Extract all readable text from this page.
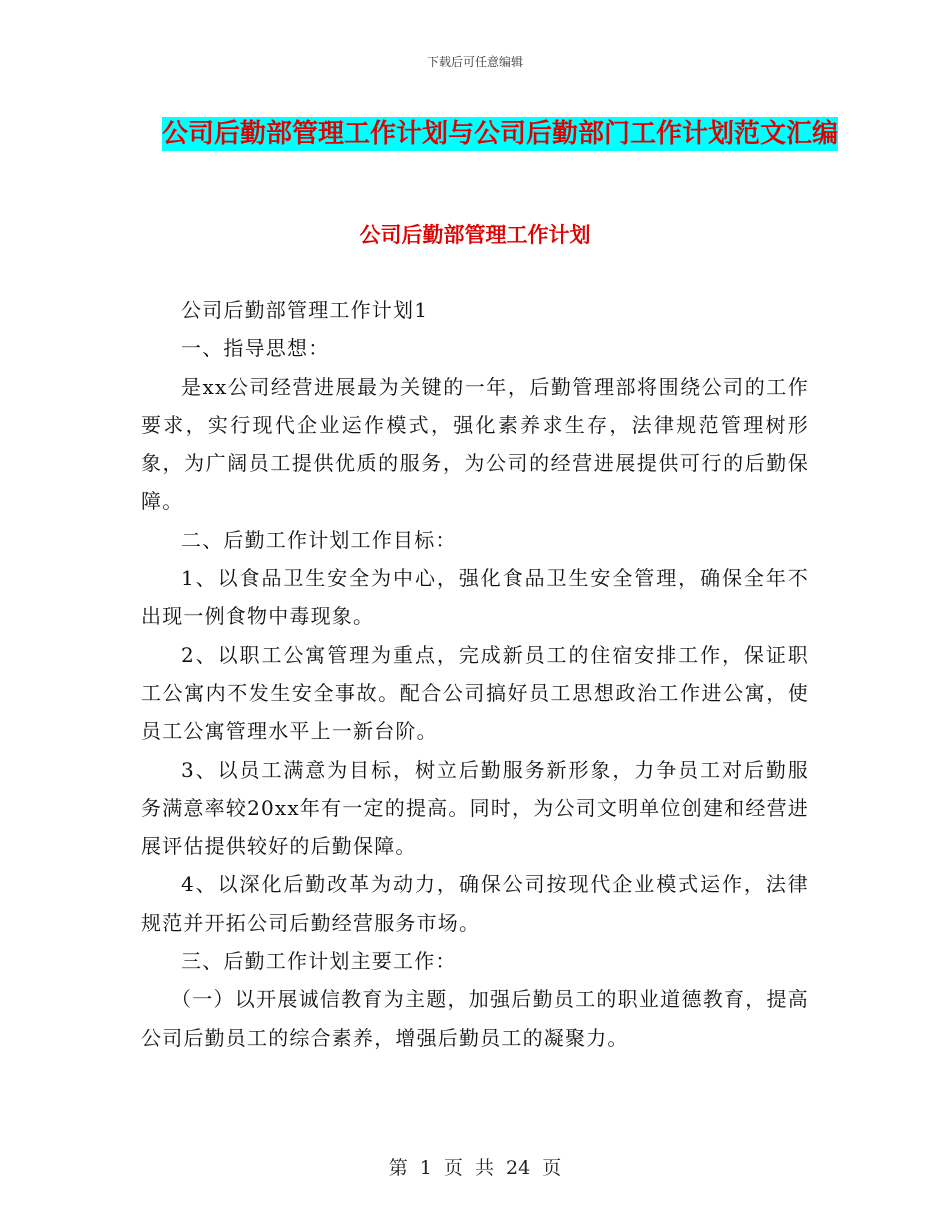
下载后可任意编辑
公司后勤部管理工作计划与公司后勤部门工作计划范文汇编
公司后勤部管理工作计划

公司后勤部管理工作计划1

一、指导思想：

是xx公司经营进展最为关键的一年，后勤管理部将围绕公司的工作要求，实行现代企业运作模式，强化素养求生存，法律规范管理树形象，为广阔员工提供优质的服务，为公司的经营进展提供可行的后勤保障。

二、后勤工作计划工作目标：

1、以食品卫生安全为中心，强化食品卫生安全管理，确保全年不出现一例食物中毒现象。

2、以职工公寓管理为重点，完成新员工的住宿安排工作，保证职工公寓内不发生安全事故。配合公司搞好员工思想政治工作进公寓，使员工公寓管理水平上一新台阶。

3、以员工满意为目标，树立后勤服务新形象，力争员工对后勤服务满意率较20xx年有一定的提高。同时，为公司文明单位创建和经营进展评估提供较好的后勤保障。

4、以深化后勤改革为动力，确保公司按现代企业模式运作，法律规范并开拓公司后勤经营服务市场。

三、后勤工作计划主要工作：

（一）以开展诚信教育为主题，加强后勤员工的职业道德教育，提高公司后勤员工的综合素养，增强后勤员工的凝聚力。

第 1 页 共 24 页
